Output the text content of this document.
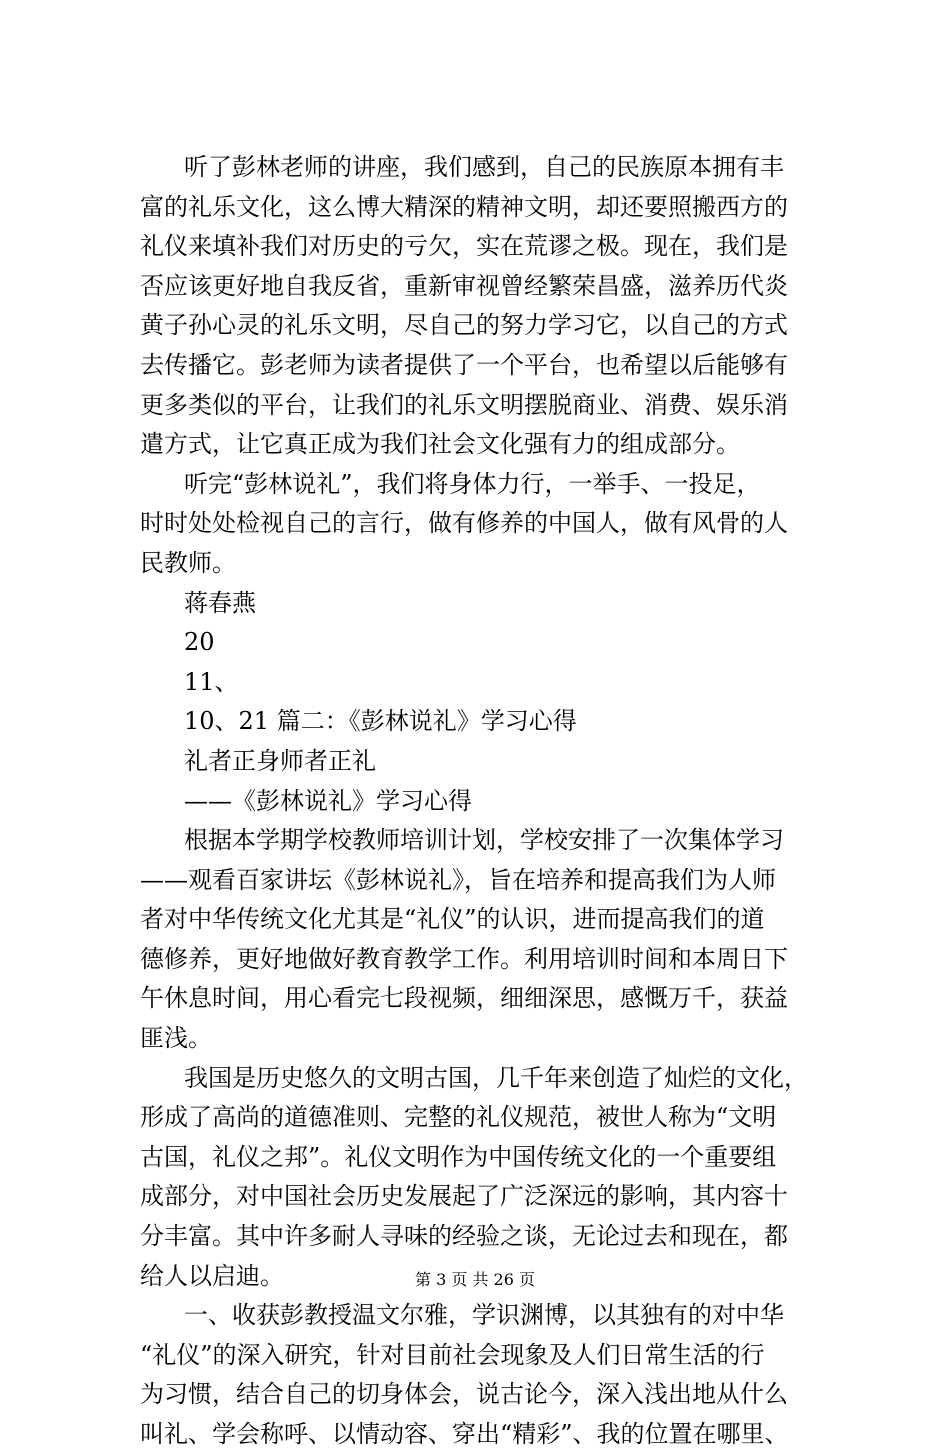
听了彭林老师的讲座，我们感到，自己的民族原本拥有丰
富的礼乐文化，这么博大精深的精神文明，却还要照搬西方的
礼仪来填补我们对历史的亏欠，实在荒谬之极。现在，我们是
否应该更好地自我反省，重新审视曾经繁荣昌盛，滋养历代炎
黄子孙心灵的礼乐文明，尽自己的努力学习它，以自己的方式
去传播它。彭老师为读者提供了一个平台，也希望以后能够有
更多类似的平台，让我们的礼乐文明摆脱商业、消费、娱乐消
遣方式，让它真正成为我们社会文化强有力的组成部分。
听完“彭林说礼”，我们将身体力行，一举手、一投足，
时时处处检视自己的言行，做有修养的中国人，做有风骨的人
民教师。
蒋春燕
20
11、
10、21 篇二：《彭林说礼》学习心得
礼者正身师者正礼
——《彭林说礼》学习心得
根据本学期学校教师培训计划，学校安排了一次集体学习
——观看百家讲坛《彭林说礼》，旨在培养和提高我们为人师
者对中华传统文化尤其是“礼仪”的认识，进而提高我们的道
德修养，更好地做好教育教学工作。利用培训时间和本周日下
午休息时间，用心看完七段视频，细细深思，感慨万千，获益
匪浅。
我国是历史悠久的文明古国，几千年来创造了灿烂的文化，
形成了高尚的道德准则、完整的礼仪规范，被世人称为“文明
古国，礼仪之邦”。礼仪文明作为中国传统文化的一个重要组
成部分，对中国社会历史发展起了广泛深远的影响，其内容十
分丰富。其中许多耐人寻味的经验之谈，无论过去和现在，都
给人以启迪。
一、收获彭教授温文尔雅，学识渊博，以其独有的对中华
“礼仪”的深入研究，针对目前社会现象及人们日常生活的行
为习惯，结合自己的切身体会，说古论今，深入浅出地从什么
叫礼、学会称呼、以情动容、穿出“精彩”、我的位置在哪里、
第 3 页 共 26 页
